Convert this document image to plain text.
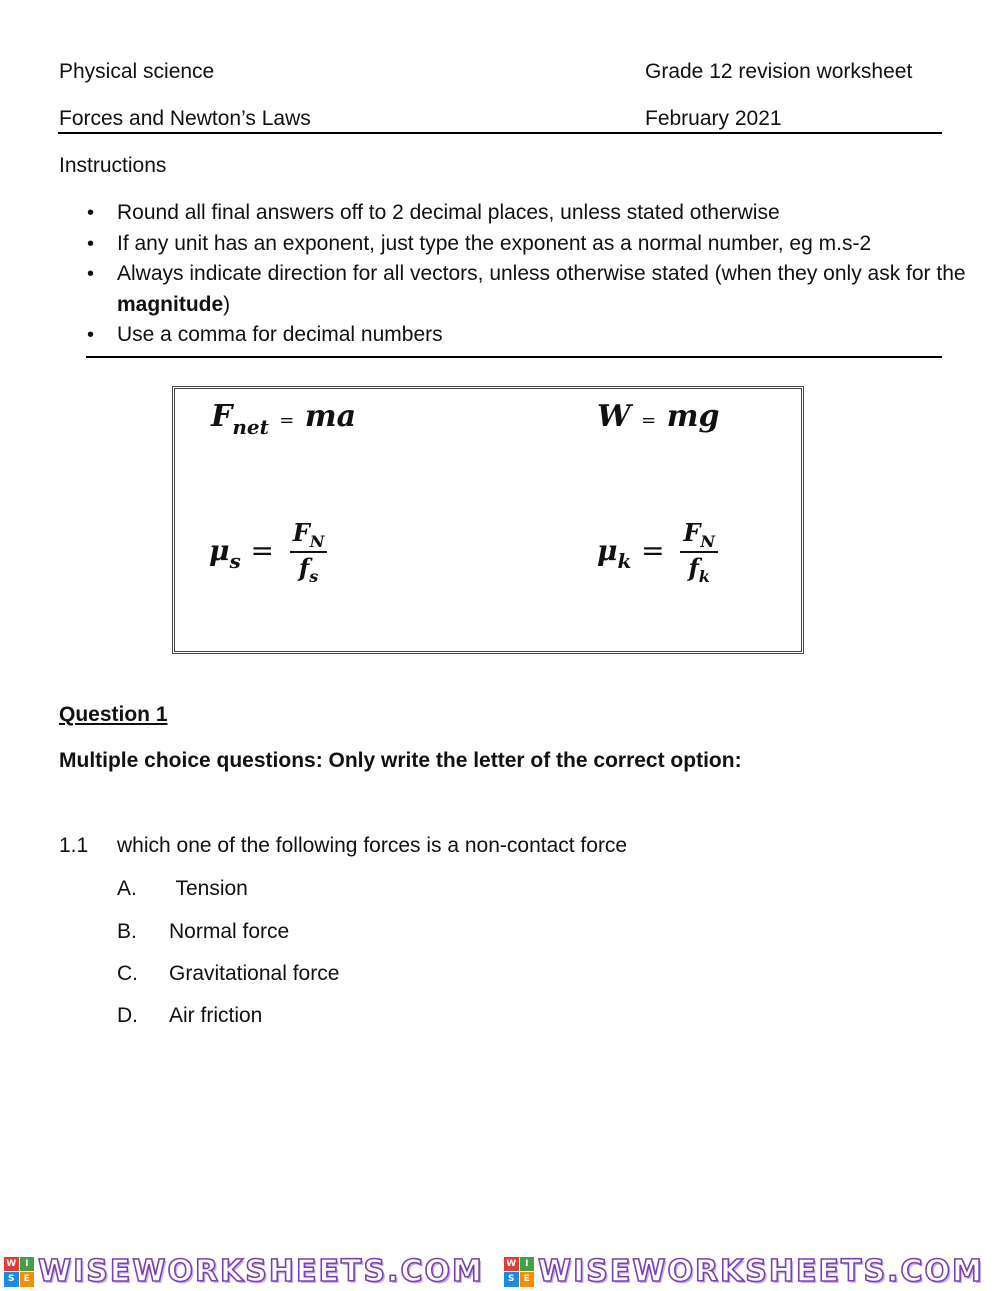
Physical science	Grade 12 revision worksheet
Forces and Newton’s Laws	February 2021
Instructions
• Round all final answers off to 2 decimal places, unless stated otherwise
• If any unit has an exponent, just type the exponent as a normal number, eg m.s-2
• Always indicate direction for all vectors, unless otherwise stated (when they only ask for the magnitude)
• Use a comma for decimal numbers
$F_{net}$ = ma	W = mg
$\mu_s = \frac{F_N}{f_s}$	$\mu_k = \frac{F_N}{f_k}$
Question 1
Multiple choice questions: Only write the letter of the correct option:
1.1 which one of the following forces is a non-contact force
A. Tension
B. Normal force
C. Gravitational force
D. Air friction
W I
S	E WISEWORKSHEETS.COM W I
S	E WISEWORKSHEETS.COM
